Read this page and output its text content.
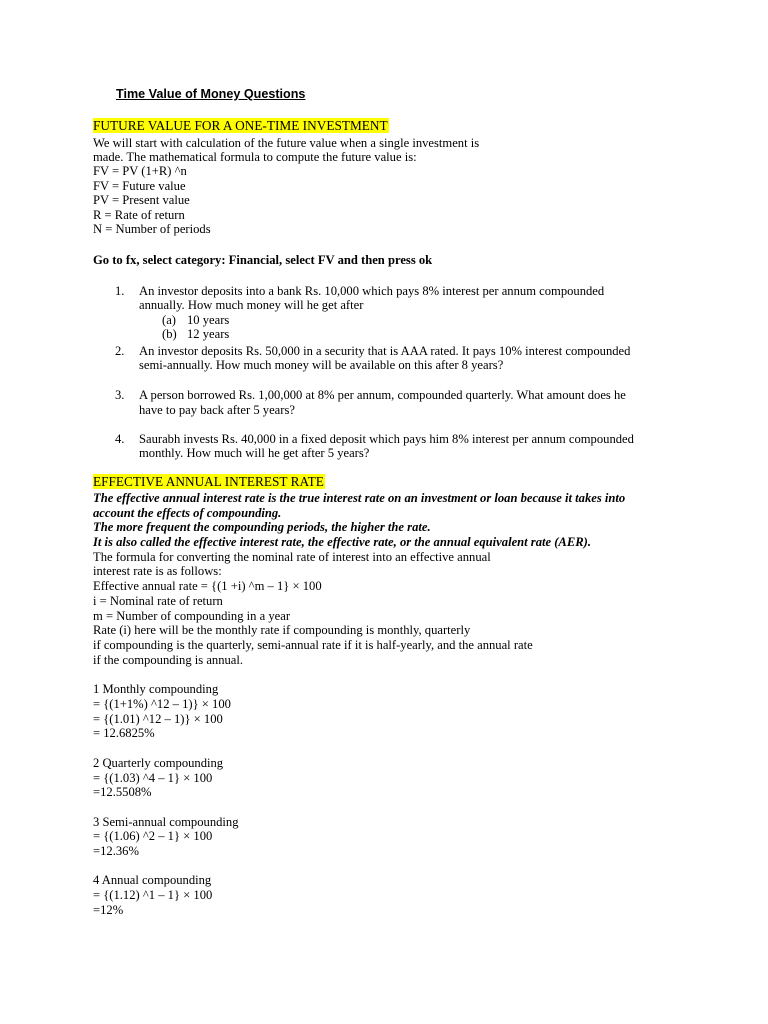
Time Value of Money Questions
FUTURE VALUE FOR A ONE-TIME INVESTMENT
We will start with calculation of the future value when a single investment is
made. The mathematical formula to compute the future value is:
FV = PV (1+R) ^n
FV = Future value
PV = Present value
R = Rate of return
N = Number of periods
Go to fx, select category: Financial, select FV and then press ok
1. An investor deposits into a bank Rs. 10,000 which pays 8% interest per annum compounded
annually. How much money will he get after
(a) 10 years
(b) 12 years
2. An investor deposits Rs. 50,000 in a security that is AAA rated. It pays 10% interest compounded
semi-annually. How much money will be available on this after 8 years?
3. A person borrowed Rs. 1,00,000 at 8% per annum, compounded quarterly. What amount does he
have to pay back after 5 years?
4. Saurabh invests Rs. 40,000 in a fixed deposit which pays him 8% interest per annum compounded
monthly. How much will he get after 5 years?
EFFECTIVE ANNUAL INTEREST RATE
The effective annual interest rate is the true interest rate on an investment or loan because it takes into
account the effects of compounding.
The more frequent the compounding periods, the higher the rate.
It is also called the effective interest rate, the effective rate, or the annual equivalent rate (AER).
The formula for converting the nominal rate of interest into an effective annual
interest rate is as follows:
Effective annual rate = {(1 +i) ^m – 1} × 100
i = Nominal rate of return
m = Number of compounding in a year
Rate (i) here will be the monthly rate if compounding is monthly, quarterly
if compounding is the quarterly, semi-annual rate if it is half-yearly, and the annual rate
if the compounding is annual.
1 Monthly compounding
= {(1+1%) ^12 – 1)} × 100
= {(1.01) ^12 – 1)} × 100
= 12.6825%
2 Quarterly compounding
= {(1.03) ^4 – 1} × 100
=12.5508%
3 Semi-annual compounding
= {(1.06) ^2 – 1} × 100
=12.36%
4 Annual compounding
= {(1.12) ^1 – 1} × 100
=12%
